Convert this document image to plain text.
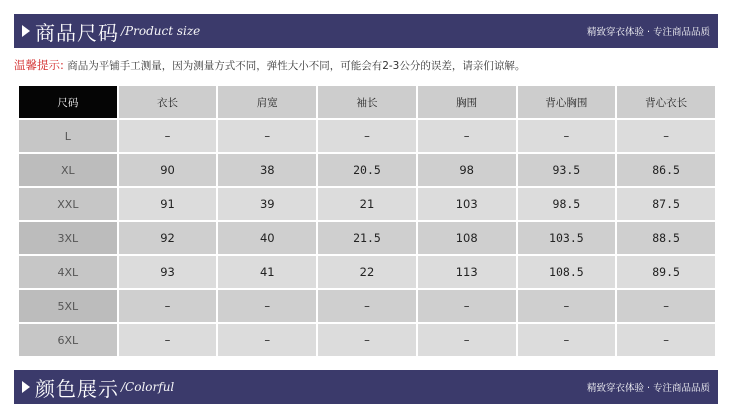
商品尺码 /Product size	精致穿衣体验 · 专注商品品质
温馨提示: 商品为平铺手工测量，因为测量方式不同，弹性大小不同，可能会有2-3公分的误差，请亲们谅解。
尺码	衣长	肩宽	袖长	胸围	背心胸围	背心衣长
L	–	–	–	–	–	–
XL	90	38	20.5	98	93.5	86.5
XXL	91	39	21	103	98.5	87.5
3XL	92	40	21.5	108	103.5	88.5
4XL	93	41	22	113	108.5	89.5
5XL	–	–	–	–	–	–
6XL	–	–	–	–	–	–
颜色展示 /Colorful	精致穿衣体验 · 专注商品品质
